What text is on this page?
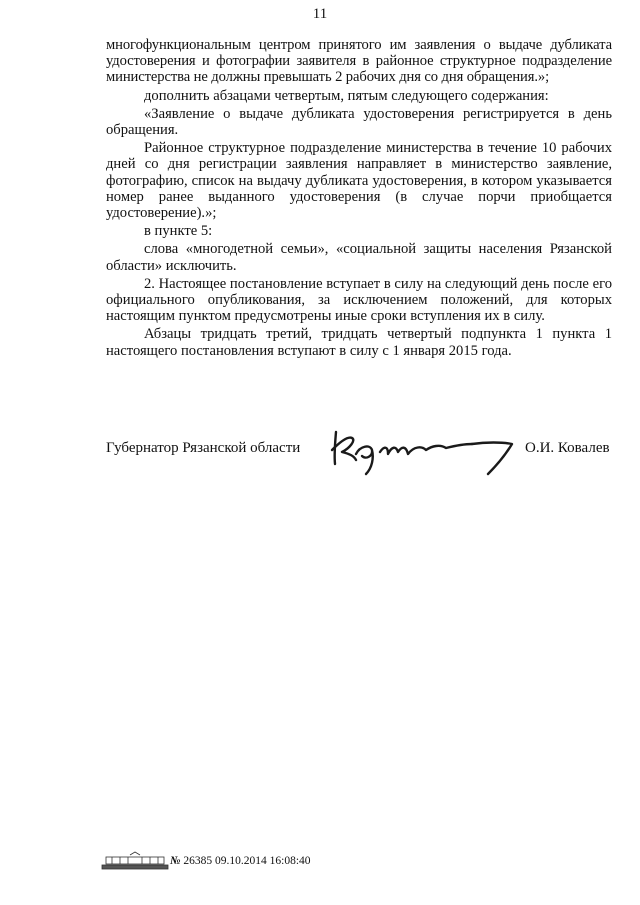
11

многофункциональным центром принятого им заявления о выдаче дубликата удостоверения и фотографии заявителя в районное структурное подразделение министерства не должны превышать 2 рабочих дня со дня обращения.»;

дополнить абзацами четвертым, пятым следующего содержания:

«Заявление о выдаче дубликата удостоверения регистрируется в день обращения.

Районное структурное подразделение министерства в течение 10 рабочих дней со дня регистрации заявления направляет в министерство заявление, фотографию, список на выдачу дубликата удостоверения, в котором указывается номер ранее выданного удостоверения (в случае порчи приобщается удостоверение).»;

в пункте 5:

слова «многодетной семьи», «социальной защиты населения Рязанской области» исключить.

2. Настоящее постановление вступает в силу на следующий день после его официального опубликования, за исключением положений, для которых настоящим пунктом предусмотрены иные сроки вступления их в силу.

Абзацы тридцать третий, тридцать четвертый подпункта 1 пункта 1 настоящего постановления вступают в силу с 1 января 2015 года.

Губернатор Рязанской области	О.И. Ковалев
№ 26385 09.10.2014 16:08:40
